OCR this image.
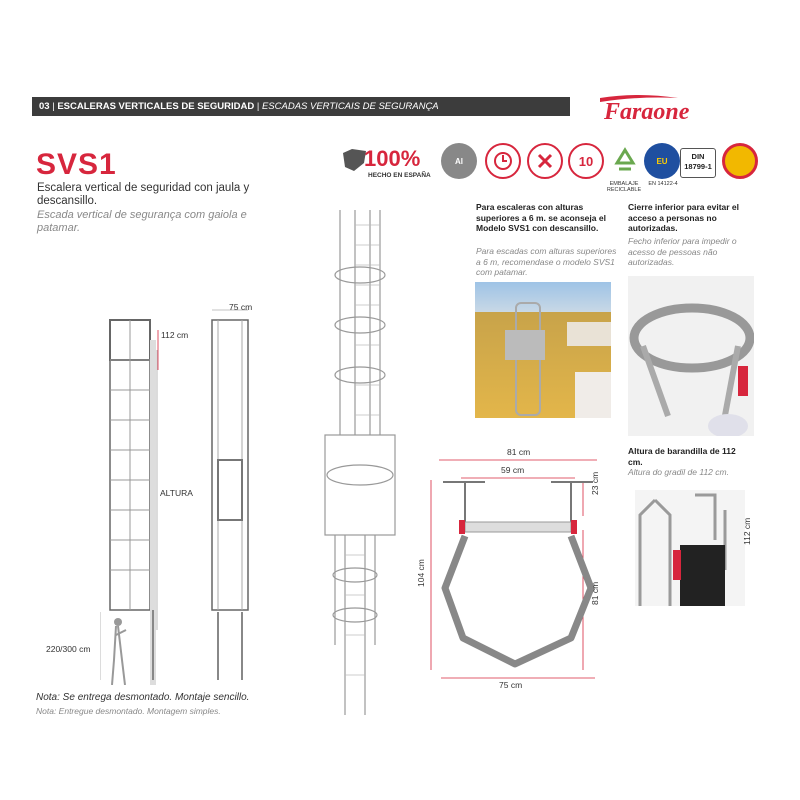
03 | ESCALERAS VERTICALES DE SEGURIDAD | ESCADAS VERTICAIS DE SEGURANÇA	Faraone
SVS1
Escalera vertical de seguridad con jaula y descansillo.
Escada vertical de segurança com gaiola e patamar.
100%
HECHO EN ESPAÑA
Al	10
EMBALAJE RECICLABLE
EU
EN 14122-4
DIN 18799-1
75 cm
112 cm
ALTURA
220/300 cm
Para escaleras con alturas superiores a 6 m. se aconseja el Modelo SVS1 con descansillo.
Para escadas com alturas superiores a 6 m, recomendase o modelo SVS1 com patamar.
Cierre inferior para evitar el acceso a personas no autorizadas.
Fecho inferior para impedir o acesso de pessoas não autorizadas.
81 cm
59 cm
23 cm
104 cm
81 cm
75 cm
Altura de barandilla de 112 cm.
Altura do gradil de 112 cm.
112 cm
Nota: Se entrega desmontado. Montaje sencillo.
Nota: Entregue desmontado. Montagem simples.
